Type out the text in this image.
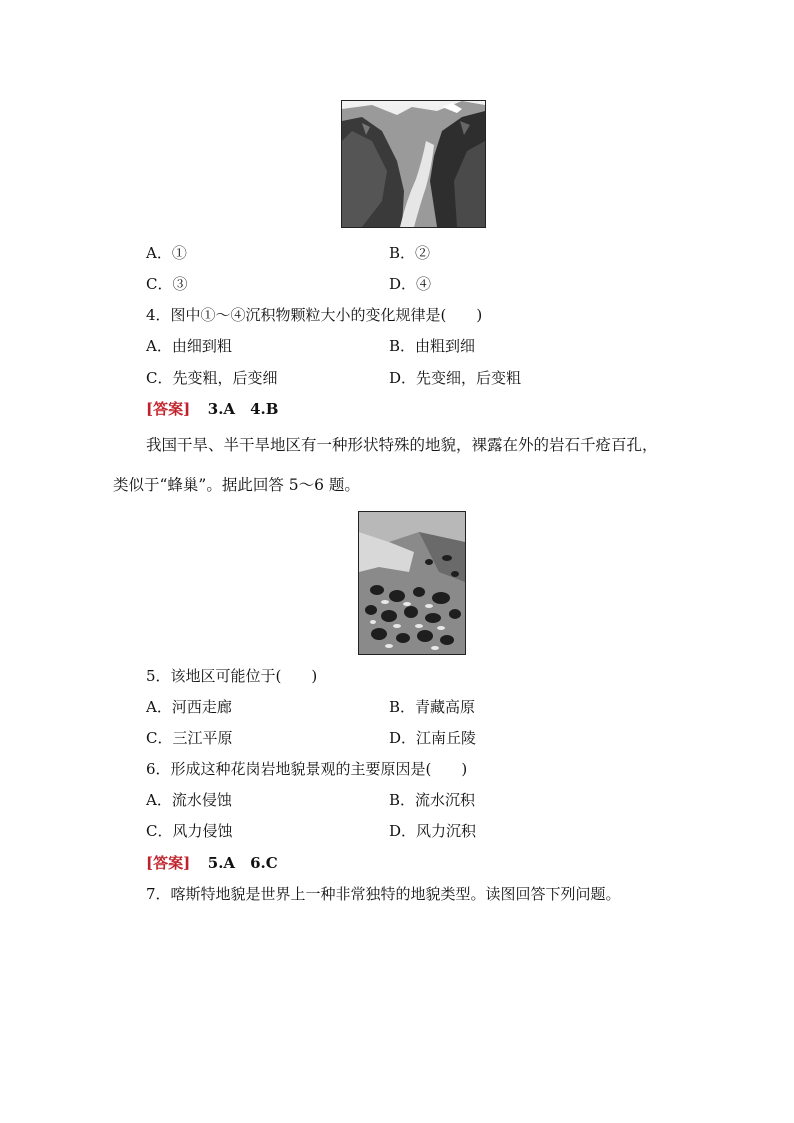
A．①	B．②
C．③	D．④
4．图中①～④沉积物颗粒大小的变化规律是(　　)
A．由细到粗	B．由粗到细
C．先变粗，后变细	D．先变细，后变粗
[答案] 3.A　4.B
我国干旱、半干旱地区有一种形状特殊的地貌，裸露在外的岩石千疮百孔，
类似于“蜂巢”。据此回答 5～6 题。
5．该地区可能位于(　　)
A．河西走廊	B．青藏高原
C．三江平原	D．江南丘陵
6．形成这种花岗岩地貌景观的主要原因是(　　)
A．流水侵蚀	B．流水沉积
C．风力侵蚀	D．风力沉积
[答案] 5.A　6.C
7．喀斯特地貌是世界上一种非常独特的地貌类型。读图回答下列问题。
